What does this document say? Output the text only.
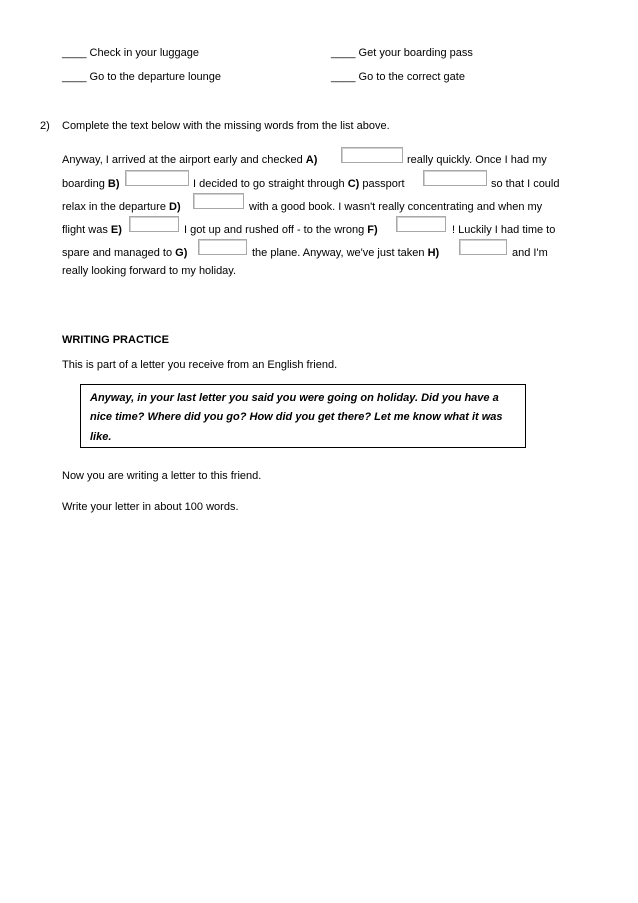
____ Check in your luggage	____ Get your boarding pass
____ Go to the departure lounge	____ Go to the correct gate
2) Complete the text below with the missing words from the list above.
Anyway, I arrived at the airport early and checked A)	really quickly. Once I had my
boarding B)	I decided to go straight through C) passport	so that I could
relax in the departure D)	with a good book. I wasn't really concentrating and when my
flight was E)	I got up and rushed off - to the wrong F)	! Luckily I had time to
spare and managed to G)	the plane. Anyway, we've just taken H)	and I'm
really looking forward to my holiday.
WRITING PRACTICE
This is part of a letter you receive from an English friend.
Anyway, in your last letter you said you were going on holiday. Did you have a
nice time? Where did you go? How did you get there? Let me know what it was
like.
Now you are writing a letter to this friend.
Write your letter in about 100 words.
